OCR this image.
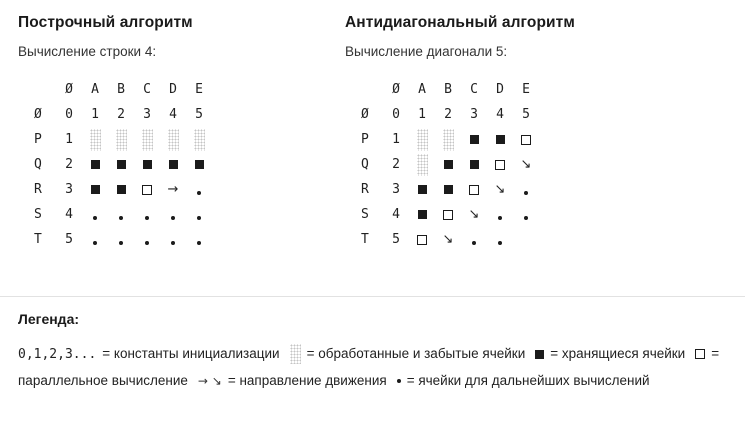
Построчный алгоритм
Вычисление строки 4:
	Ø	A	B	C	D	E
Ø	0	1	2	3	4	5
P	1					
Q	2					
R	3				→	
S	4					
T	5					
Антидиагональный алгоритм
Вычисление диагонали 5:
	Ø	A	B	C	D	E
Ø	0	1	2	3	4	5
P	1					
Q	2					↘
R	3				↘	
S	4			↘		
T	5		↘			
Легенда:
0,1,2,3... = константы инициализации = обработанные и забытые ячейки = хранящиеся ячейки = параллельное вычисление → ↘ = направление движения = ячейки для дальнейших вычислений
